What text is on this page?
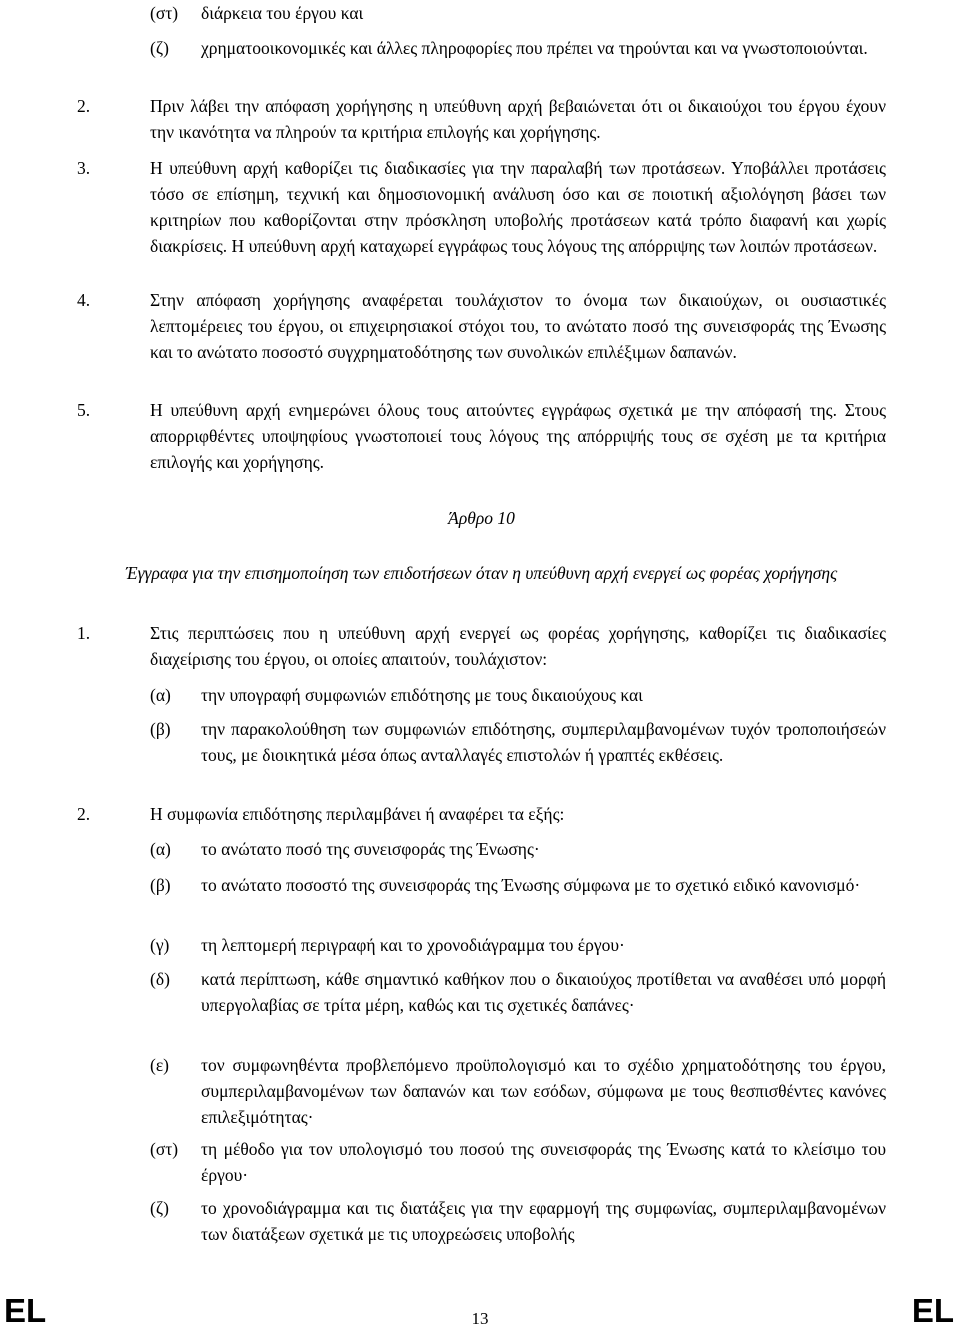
(στ)	διάρκεια του έργου και
(ζ)	χρηματοοικονομικές και άλλες πληροφορίες που πρέπει να τηρούνται και να γνωστοποιούνται.
2.	Πριν λάβει την απόφαση χορήγησης η υπεύθυνη αρχή βεβαιώνεται ότι οι δικαιούχοι του έργου έχουν την ικανότητα να πληρούν τα κριτήρια επιλογής και χορήγησης.
3.	Η υπεύθυνη αρχή καθορίζει τις διαδικασίες για την παραλαβή των προτάσεων. Υποβάλλει προτάσεις τόσο σε επίσημη, τεχνική και δημοσιονομική ανάλυση όσο και σε ποιοτική αξιολόγηση βάσει των κριτηρίων που καθορίζονται στην πρόσκληση υποβολής προτάσεων κατά τρόπο διαφανή και χωρίς διακρίσεις. Η υπεύθυνη αρχή καταχωρεί εγγράφως τους λόγους της απόρριψης των λοιπών προτάσεων.
4.	Στην απόφαση χορήγησης αναφέρεται τουλάχιστον το όνομα των δικαιούχων, οι ουσιαστικές λεπτομέρειες του έργου, οι επιχειρησιακοί στόχοι του, το ανώτατο ποσό της συνεισφοράς της Ένωσης και το ανώτατο ποσοστό συγχρηματοδότησης των συνολικών επιλέξιμων δαπανών.
5.	Η υπεύθυνη αρχή ενημερώνει όλους τους αιτούντες εγγράφως σχετικά με την απόφασή της. Στους απορριφθέντες υποψηφίους γνωστοποιεί τους λόγους της απόρριψής τους σε σχέση με τα κριτήρια επιλογής και χορήγησης.
Άρθρο 10
Έγγραφα για την επισημοποίηση των επιδοτήσεων όταν η υπεύθυνη αρχή ενεργεί ως φορέας χορήγησης
1.	Στις περιπτώσεις που η υπεύθυνη αρχή ενεργεί ως φορέας χορήγησης, καθορίζει τις διαδικασίες διαχείρισης του έργου, οι οποίες απαιτούν, τουλάχιστον:
(α)	την υπογραφή συμφωνιών επιδότησης με τους δικαιούχους και
(β)	την παρακολούθηση των συμφωνιών επιδότησης, συμπεριλαμβανομένων τυχόν τροποποιήσεών τους, με διοικητικά μέσα όπως ανταλλαγές επιστολών ή γραπτές εκθέσεις.
2.	Η συμφωνία επιδότησης περιλαμβάνει ή αναφέρει τα εξής:
(α)	το ανώτατο ποσό της συνεισφοράς της Ένωσης·
(β)	το ανώτατο ποσοστό της συνεισφοράς της Ένωσης σύμφωνα με το σχετικό ειδικό κανονισμό·
(γ)	τη λεπτομερή περιγραφή και το χρονοδιάγραμμα του έργου·
(δ)	κατά περίπτωση, κάθε σημαντικό καθήκον που ο δικαιούχος προτίθεται να αναθέσει υπό μορφή υπεργολαβίας σε τρίτα μέρη, καθώς και τις σχετικές δαπάνες·
(ε)	τον συμφωνηθέντα προβλεπόμενο προϋπολογισμό και το σχέδιο χρηματοδότησης του έργου, συμπεριλαμβανομένων των δαπανών και των εσόδων, σύμφωνα με τους θεσπισθέντες κανόνες επιλεξιμότητας·
(στ)	τη μέθοδο για τον υπολογισμό του ποσού της συνεισφοράς της Ένωσης κατά το κλείσιμο του έργου·
(ζ)	το χρονοδιάγραμμα και τις διατάξεις για την εφαρμογή της συμφωνίας, συμπεριλαμβανομένων των διατάξεων σχετικά με τις υποχρεώσεις υποβολής
EL	13	EL
